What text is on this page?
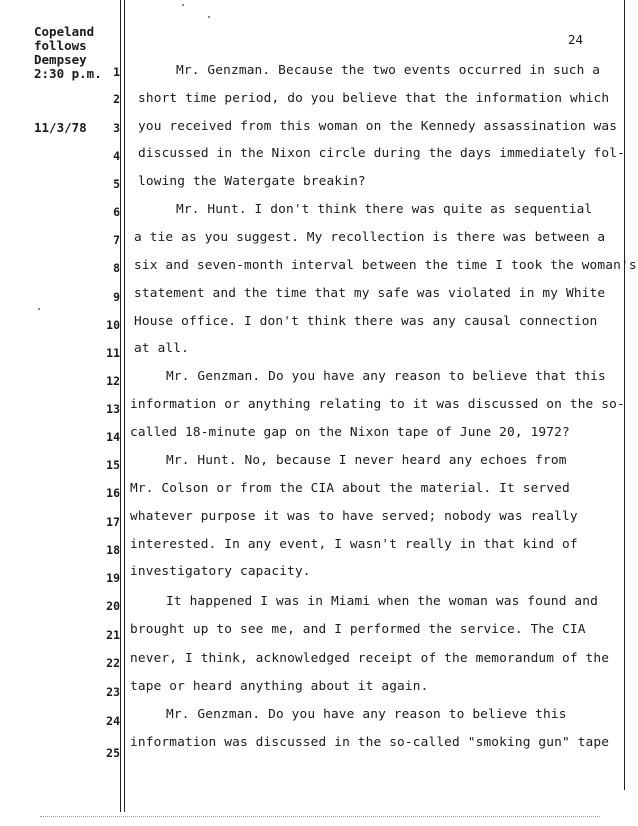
Copeland
follows
Dempsey
2:30 p.m.
11/3/78
24
1
2
3
4
5
6
7
8
9
10
11
12
13
14
15
16
17
18
19
20
21
22
23
24
25
Mr. Genzman. Because the two events occurred in such a
short time period, do you believe that the information which
you received from this woman on the Kennedy assassination was
discussed in the Nixon circle during the days immediately fol-
lowing the Watergate breakin?
Mr. Hunt. I don't think there was quite as sequential
a tie as you suggest. My recollection is there was between a
six and seven-month interval between the time I took the woman's
statement and the time that my safe was violated in my White
House office. I don't think there was any causal connection
at all.
Mr. Genzman. Do you have any reason to believe that this
information or anything relating to it was discussed on the so-
called 18-minute gap on the Nixon tape of June 20, 1972?
Mr. Hunt. No, because I never heard any echoes from
Mr. Colson or from the CIA about the material. It served
whatever purpose it was to have served; nobody was really
interested. In any event, I wasn't really in that kind of
investigatory capacity.
It happened I was in Miami when the woman was found and
brought up to see me, and I performed the service. The CIA
never, I think, acknowledged receipt of the memorandum of the
tape or heard anything about it again.
Mr. Genzman. Do you have any reason to believe this
information was discussed in the so-called "smoking gun" tape
